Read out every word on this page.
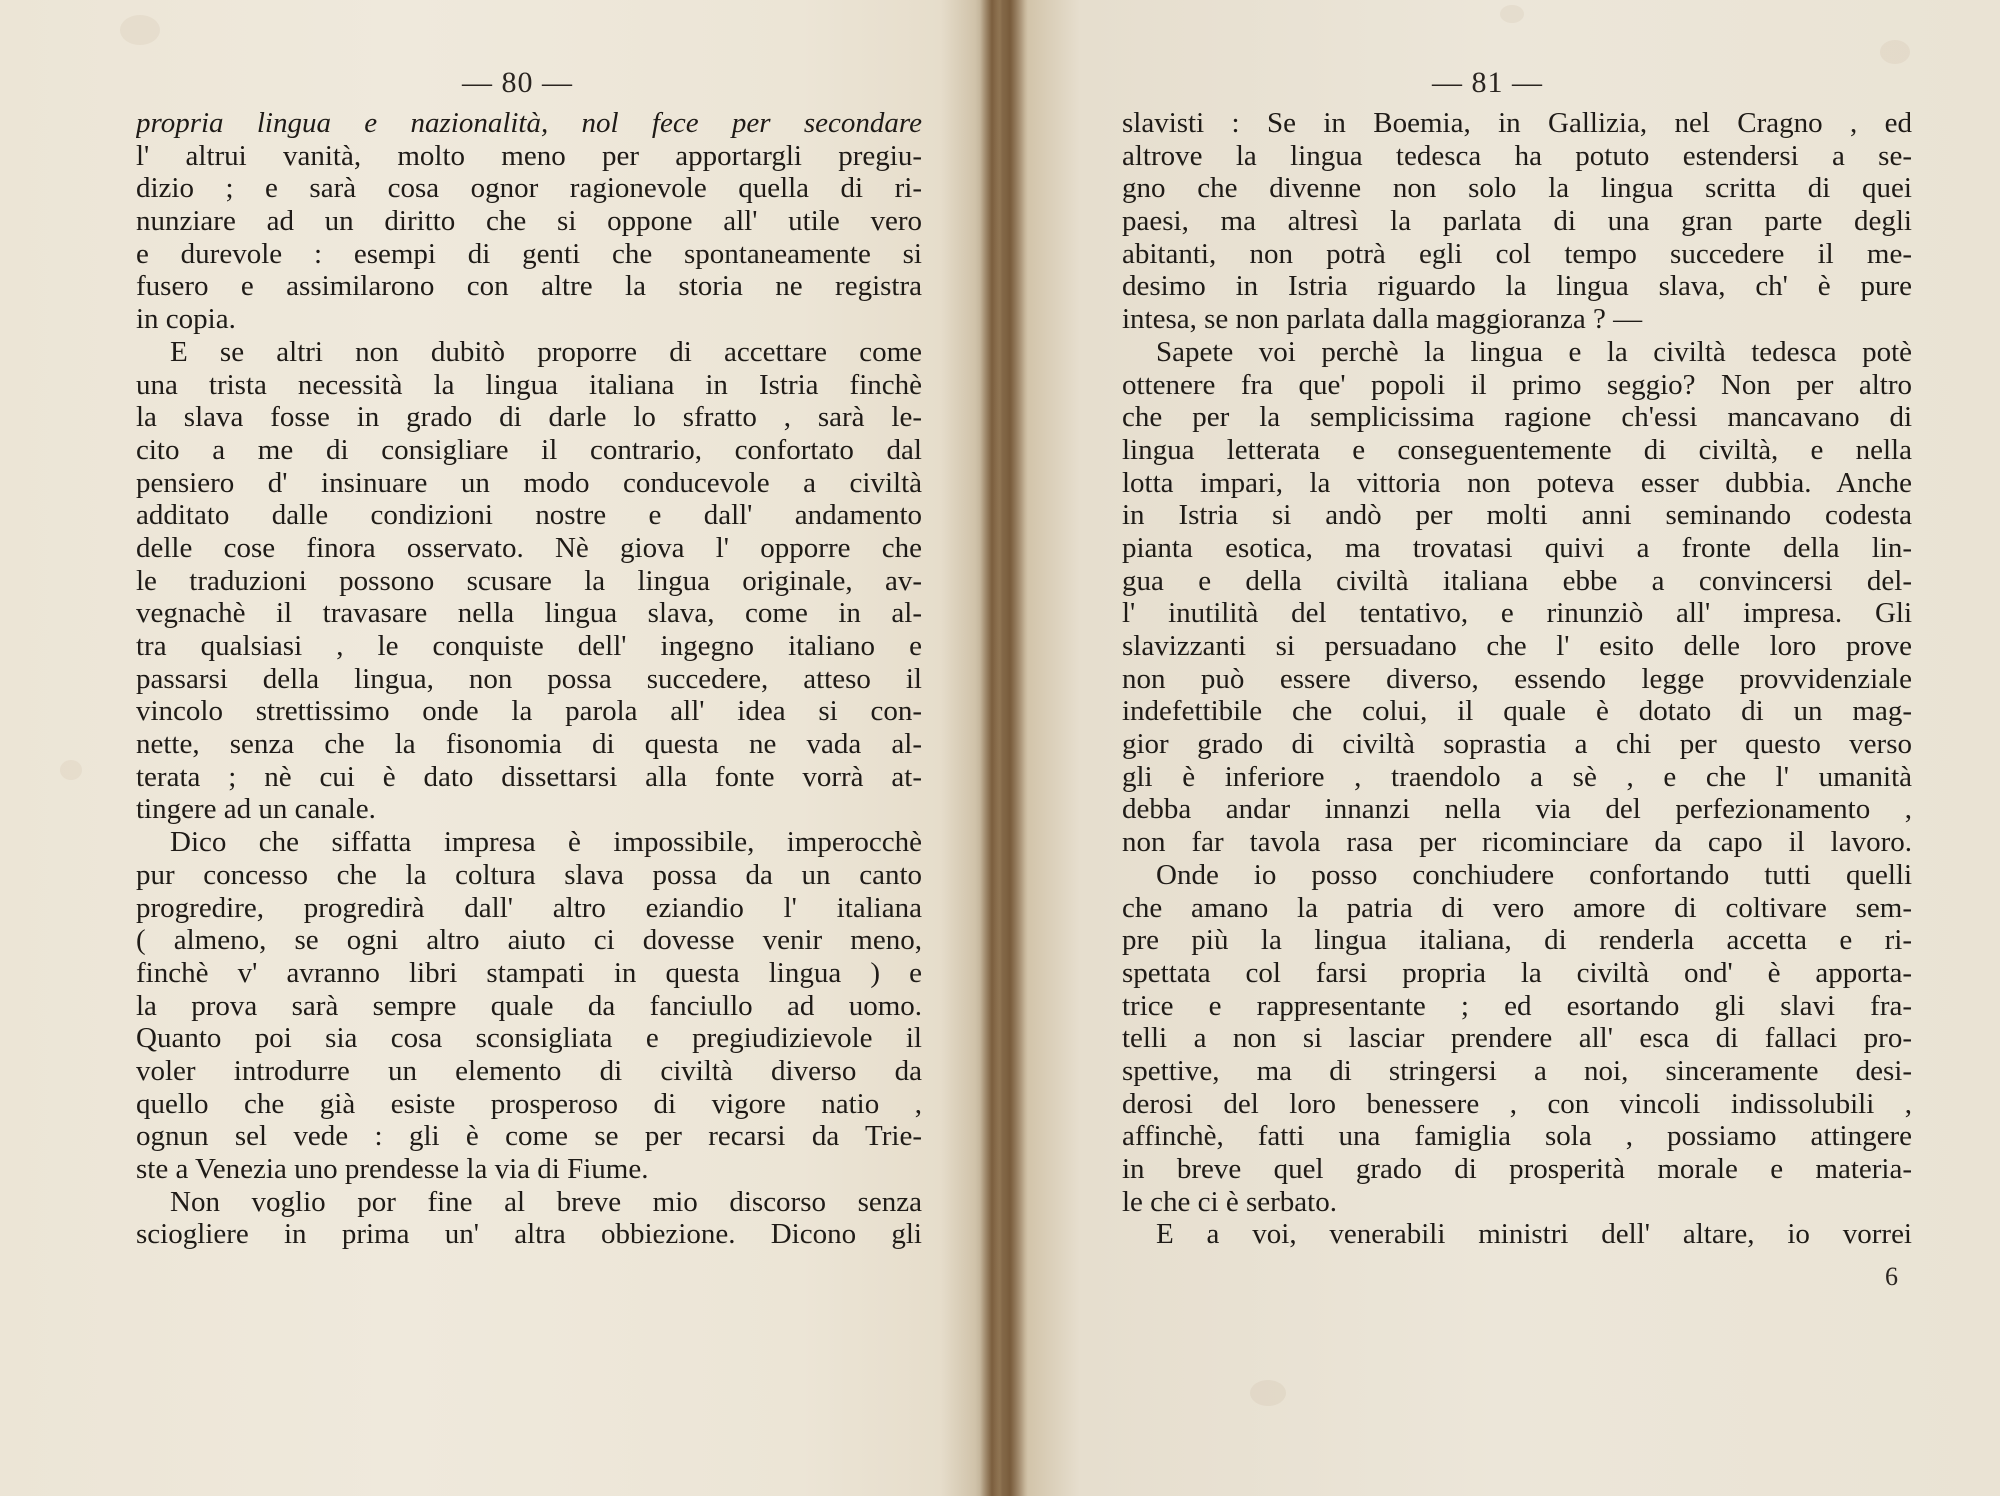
— 80 —
propria lingua e nazionalità, nol fece per secondare
l' altrui vanità, molto meno per apportargli pregiu-
dizio ; e sarà cosa ognor ragionevole quella di ri-
nunziare ad un diritto che si oppone all' utile vero
e durevole : esempi di genti che spontaneamente si
fusero e assimilarono con altre la storia ne registra
in copia.
E se altri non dubitò proporre di accettare come
una trista necessità la lingua italiana in Istria finchè
la slava fosse in grado di darle lo sfratto , sarà le-
cito a me di consigliare il contrario, confortato dal
pensiero d' insinuare un modo conducevole a civiltà
additato dalle condizioni nostre e dall' andamento
delle cose finora osservato. Nè giova l' opporre che
le traduzioni possono scusare la lingua originale, av-
vegnachè il travasare nella lingua slava, come in al-
tra qualsiasi , le conquiste dell' ingegno italiano e
passarsi della lingua, non possa succedere, atteso il
vincolo strettissimo onde la parola all' idea si con-
nette, senza che la fisonomia di questa ne vada al-
terata ; nè cui è dato dissettarsi alla fonte vorrà at-
tingere ad un canale.
Dico che siffatta impresa è impossibile, imperocchè
pur concesso che la coltura slava possa da un canto
progredire, progredirà dall' altro eziandio l' italiana
( almeno, se ogni altro aiuto ci dovesse venir meno,
finchè v' avranno libri stampati in questa lingua ) e
la prova sarà sempre quale da fanciullo ad uomo.
Quanto poi sia cosa sconsigliata e pregiudizievole il
voler introdurre un elemento di civiltà diverso da
quello che già esiste prosperoso di vigore natio ,
ognun sel vede : gli è come se per recarsi da Trie-
ste a Venezia uno prendesse la via di Fiume.
Non voglio por fine al breve mio discorso senza
sciogliere in prima un' altra obbiezione. Dicono gli
— 81 —
slavisti : Se in Boemia, in Gallizia, nel Cragno , ed
altrove la lingua tedesca ha potuto estendersi a se-
gno che divenne non solo la lingua scritta di quei
paesi, ma altresì la parlata di una gran parte degli
abitanti, non potrà egli col tempo succedere il me-
desimo in Istria riguardo la lingua slava, ch' è pure
intesa, se non parlata dalla maggioranza ? —
Sapete voi perchè la lingua e la civiltà tedesca potè
ottenere fra que' popoli il primo seggio? Non per altro
che per la semplicissima ragione ch'essi mancavano di
lingua letterata e conseguentemente di civiltà, e nella
lotta impari, la vittoria non poteva esser dubbia. Anche
in Istria si andò per molti anni seminando codesta
pianta esotica, ma trovatasi quivi a fronte della lin-
gua e della civiltà italiana ebbe a convincersi del-
l' inutilità del tentativo, e rinunziò all' impresa. Gli
slavizzanti si persuadano che l' esito delle loro prove
non può essere diverso, essendo legge provvidenziale
indefettibile che colui, il quale è dotato di un mag-
gior grado di civiltà soprastia a chi per questo verso
gli è inferiore , traendolo a sè , e che l' umanità
debba andar innanzi nella via del perfezionamento ,
non far tavola rasa per ricominciare da capo il lavoro.
Onde io posso conchiudere confortando tutti quelli
che amano la patria di vero amore di coltivare sem-
pre più la lingua italiana, di renderla accetta e ri-
spettata col farsi propria la civiltà ond' è apporta-
trice e rappresentante ; ed esortando gli slavi fra-
telli a non si lasciar prendere all' esca di fallaci pro-
spettive, ma di stringersi a noi, sinceramente desi-
derosi del loro benessere , con vincoli indissolubili ,
affinchè, fatti una famiglia sola , possiamo attingere
in breve quel grado di prosperità morale e materia-
le che ci è serbato.
E a voi, venerabili ministri dell' altare, io vorrei
6
